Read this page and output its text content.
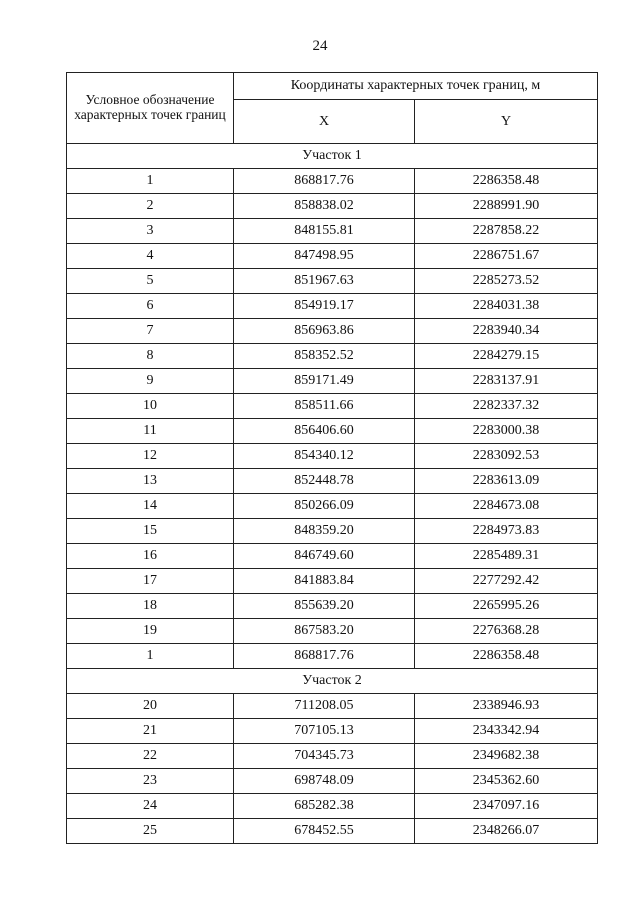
24
Условное обозначение характерных точек границ	Координаты характерных точек границ, м	
	X	Y
Участок 1		
1	868817.76	2286358.48
2	858838.02	2288991.90
3	848155.81	2287858.22
4	847498.95	2286751.67
5	851967.63	2285273.52
6	854919.17	2284031.38
7	856963.86	2283940.34
8	858352.52	2284279.15
9	859171.49	2283137.91
10	858511.66	2282337.32
11	856406.60	2283000.38
12	854340.12	2283092.53
13	852448.78	2283613.09
14	850266.09	2284673.08
15	848359.20	2284973.83
16	846749.60	2285489.31
17	841883.84	2277292.42
18	855639.20	2265995.26
19	867583.20	2276368.28
1	868817.76	2286358.48
Участок 2		
20	711208.05	2338946.93
21	707105.13	2343342.94
22	704345.73	2349682.38
23	698748.09	2345362.60
24	685282.38	2347097.16
25	678452.55	2348266.07
